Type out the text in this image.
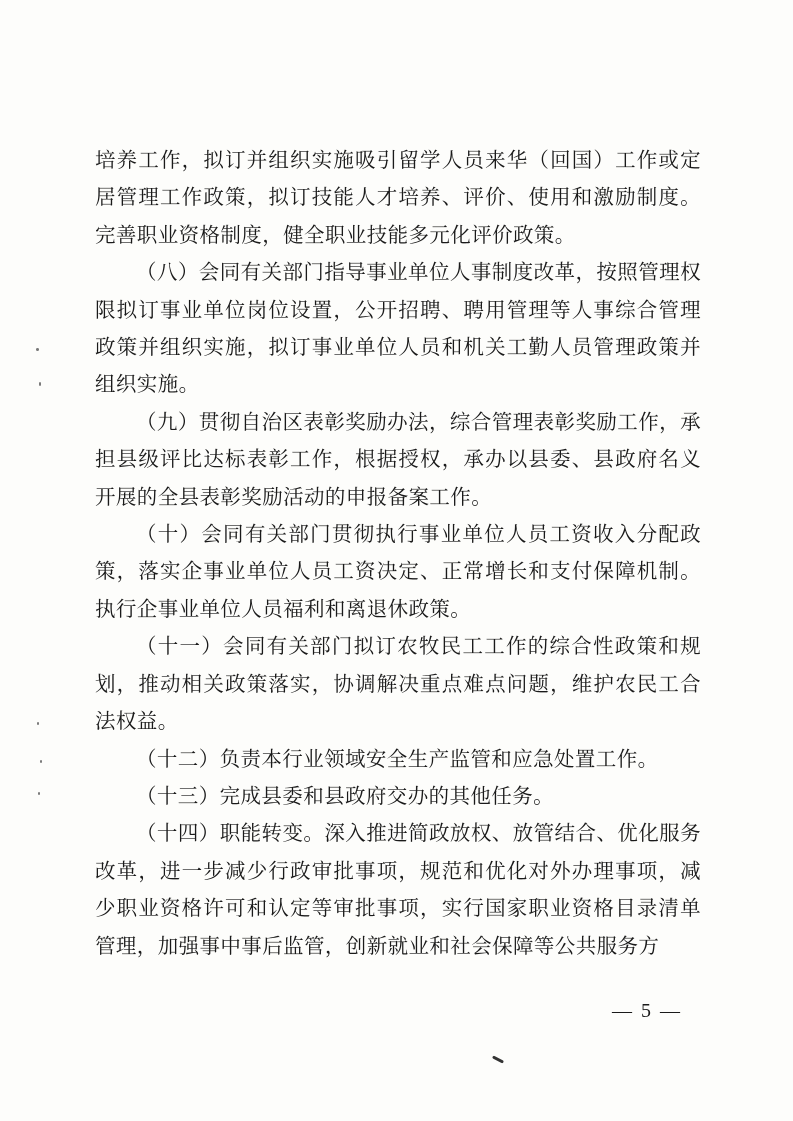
培养工作，拟订并组织实施吸引留学人员来华（回国）工作或定居管理工作政策，拟订技能人才培养、评价、使用和激励制度。完善职业资格制度，健全职业技能多元化评价政策。

（八）会同有关部门指导事业单位人事制度改革，按照管理权限拟订事业单位岗位设置，公开招聘、聘用管理等人事综合管理政策并组织实施，拟订事业单位人员和机关工勤人员管理政策并组织实施。

（九）贯彻自治区表彰奖励办法，综合管理表彰奖励工作，承担县级评比达标表彰工作，根据授权，承办以县委、县政府名义开展的全县表彰奖励活动的申报备案工作。

（十）会同有关部门贯彻执行事业单位人员工资收入分配政策，落实企事业单位人员工资决定、正常增长和支付保障机制。执行企事业单位人员福利和离退休政策。

（十一）会同有关部门拟订农牧民工工作的综合性政策和规划，推动相关政策落实，协调解决重点难点问题，维护农民工合法权益。

（十二）负责本行业领域安全生产监管和应急处置工作。

（十三）完成县委和县政府交办的其他任务。

（十四）职能转变。深入推进简政放权、放管结合、优化服务改革，进一步减少行政审批事项，规范和优化对外办理事项，减少职业资格许可和认定等审批事项，实行国家职业资格目录清单管理，加强事中事后监管，创新就业和社会保障等公共服务方

— 5 —
